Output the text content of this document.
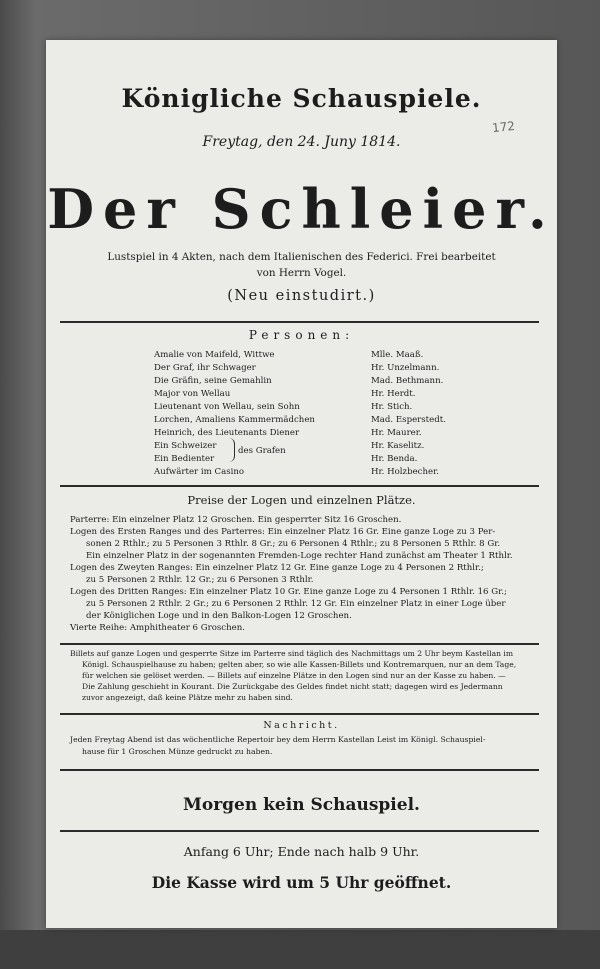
Königliche Schauspiele.
Freytag, den 24. Juny 1814.
172
Der Schleier.
Lustspiel in 4 Akten, nach dem Italienischen des Federici. Frei bearbeitet
von Herrn Vogel.
(Neu einstudirt.)
Personen:
Amalie von Maifeld, Wittwe	Mlle. Maaß.
Der Graf, ihr Schwager	Hr. Unzelmann.
Die Gräfin, seine Gemahlin	Mad. Bethmann.
Major von Wellau	Hr. Herdt.
Lieutenant von Wellau, sein Sohn	Hr. Stich.
Lorchen, Amaliens Kammermädchen	Mad. Esperstedt.
Heinrich, des Lieutenants Diener	Hr. Maurer.
Ein Schweizer	Hr. Kaselitz.
Ein Bedienter	Hr. Benda.
Aufwärter im Casino	Hr. Holzbecher.
des Grafen
Preise der Logen und einzelnen Plätze.
Parterre: Ein einzelner Platz 12 Groschen. Ein gesperrter Sitz 16 Groschen.
Logen des Ersten Ranges und des Parterres: Ein einzelner Platz 16 Gr. Eine ganze Loge zu 3 Per-
sonen 2 Rthlr.; zu 5 Personen 3 Rthlr. 8 Gr.; zu 6 Personen 4 Rthlr.; zu 8 Personen 5 Rthlr. 8 Gr.
Ein einzelner Platz in der sogenannten Fremden-Loge rechter Hand zunächst am Theater 1 Rthlr.
Logen des Zweyten Ranges: Ein einzelner Platz 12 Gr. Eine ganze Loge zu 4 Personen 2 Rthlr.;
zu 5 Personen 2 Rthlr. 12 Gr.; zu 6 Personen 3 Rthlr.
Logen des Dritten Ranges: Ein einzelner Platz 10 Gr. Eine ganze Loge zu 4 Personen 1 Rthlr. 16 Gr.;
zu 5 Personen 2 Rthlr. 2 Gr.; zu 6 Personen 2 Rthlr. 12 Gr. Ein einzelner Platz in einer Loge über
der Königlichen Loge und in den Balkon-Logen 12 Groschen.
Vierte Reihe: Amphitheater 6 Groschen.
Billets auf ganze Logen und gesperrte Sitze im Parterre sind täglich des Nachmittags um 2 Uhr beym Kastellan im
Königl. Schauspielhause zu haben; gelten aber, so wie alle Kassen-Billets und Kontremarquen, nur an dem Tage,
für welchen sie gelöset werden. — Billets auf einzelne Plätze in den Logen sind nur an der Kasse zu haben. —
Die Zahlung geschieht in Kourant. Die Zurückgabe des Geldes findet nicht statt; dagegen wird es Jedermann
zuvor angezeigt, daß keine Plätze mehr zu haben sind.
Nachricht.
Jeden Freytag Abend ist das wöchentliche Repertoir bey dem Herrn Kastellan Leist im Königl. Schauspiel-
hause für 1 Groschen Münze gedruckt zu haben.
Morgen kein Schauspiel.
Anfang 6 Uhr; Ende nach halb 9 Uhr.
Die Kasse wird um 5 Uhr geöffnet.
